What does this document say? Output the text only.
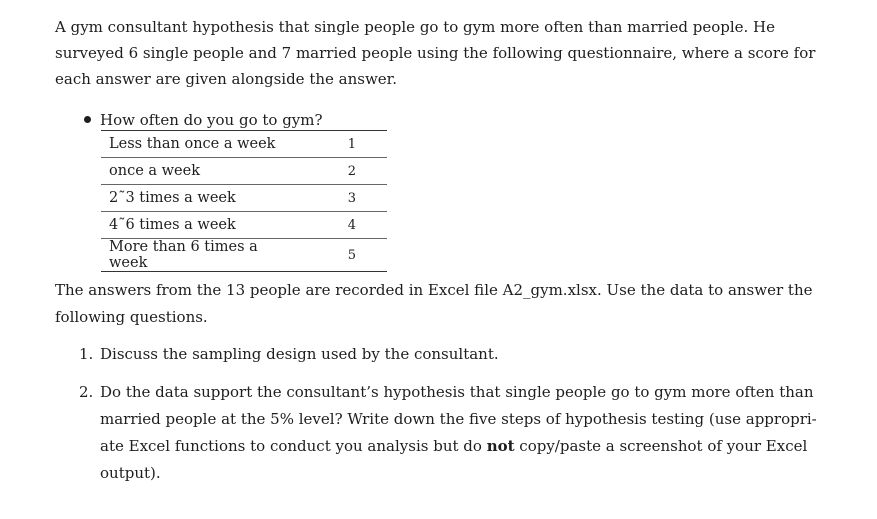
A gym consultant hypothesis that single people go to gym more often than married people. He surveyed 6 single people and 7 married people using the following questionnaire, where a score for each answer are given alongside the answer.

How often do you go to gym?
Less than once a week	1
once a week	2
2˜3 times a week	3
4˜6 times a week	4
More than 6 times a week	5

The answers from the 13 people are recorded in Excel file A2_gym.xlsx. Use the data to answer the following questions.

1. Discuss the sampling design used by the consultant.
2. Do the data support the consultant’s hypothesis that single people go to gym more often than married people at the 5% level? Write down the five steps of hypothesis testing (use appropri-ate Excel functions to conduct you analysis but do not copy/paste a screenshot of your Excel output).
